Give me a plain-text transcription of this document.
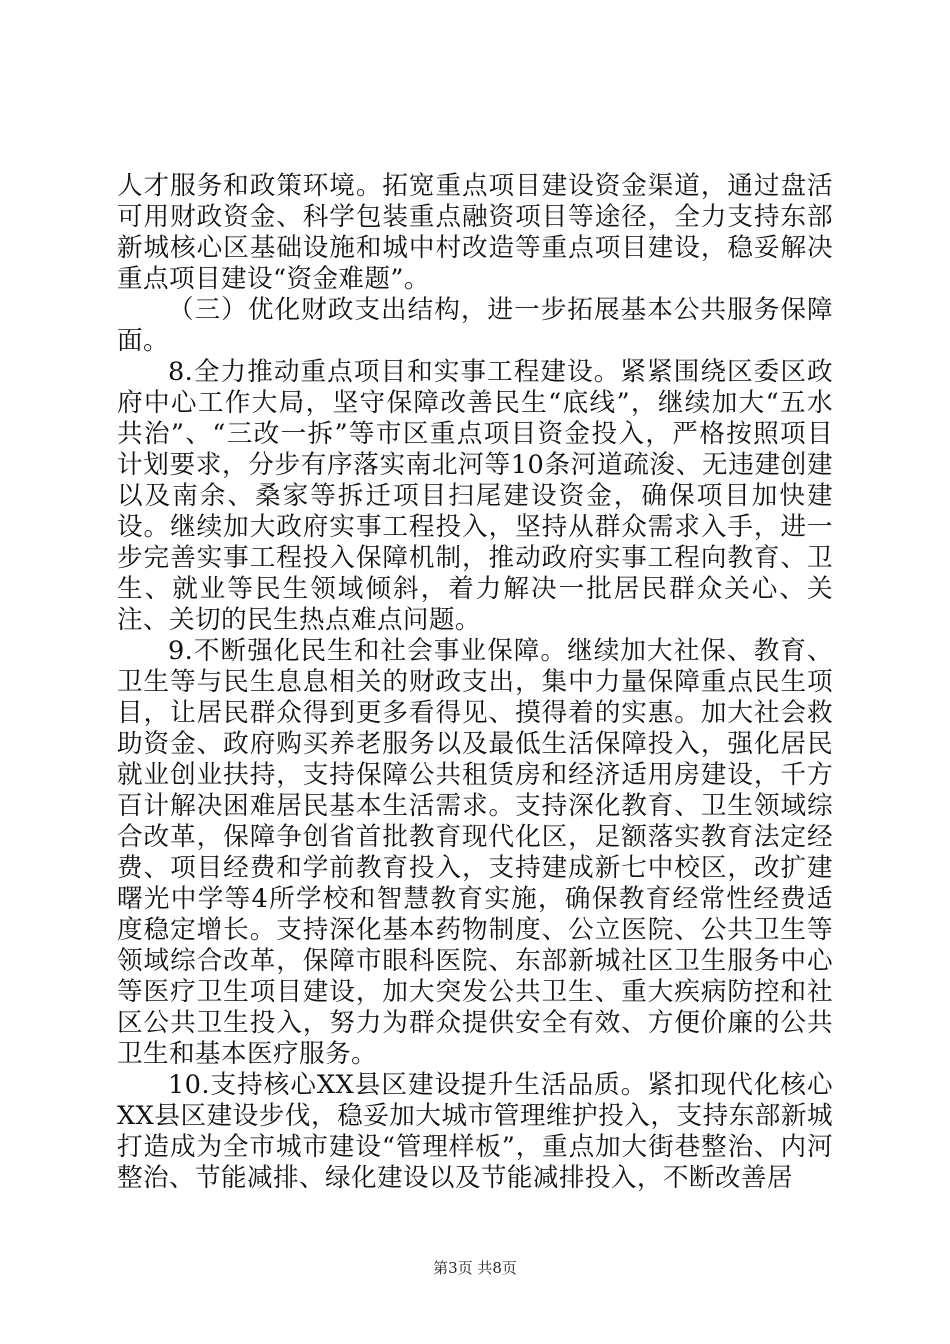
人才服务和政策环境。拓宽重点项目建设资金渠道，通过盘活可用财政资金、科学包装重点融资项目等途径，全力支持东部新城核心区基础设施和城中村改造等重点项目建设，稳妥解决重点项目建设“资金难题”。

（三）优化财政支出结构，进一步拓展基本公共服务保障面。

8.全力推动重点项目和实事工程建设。紧紧围绕区委区政府中心工作大局，坚守保障改善民生“底线”，继续加大“五水共治”、“三改一拆”等市区重点项目资金投入，严格按照项目计划要求，分步有序落实南北河等10条河道疏浚、无违建创建以及南余、桑家等拆迁项目扫尾建设资金，确保项目加快建设。继续加大政府实事工程投入，坚持从群众需求入手，进一步完善实事工程投入保障机制，推动政府实事工程向教育、卫生、就业等民生领域倾斜，着力解决一批居民群众关心、关注、关切的民生热点难点问题。

9.不断强化民生和社会事业保障。继续加大社保、教育、卫生等与民生息息相关的财政支出，集中力量保障重点民生项目，让居民群众得到更多看得见、摸得着的实惠。加大社会救助资金、政府购买养老服务以及最低生活保障投入，强化居民就业创业扶持，支持保障公共租赁房和经济适用房建设，千方百计解决困难居民基本生活需求。支持深化教育、卫生领域综合改革，保障争创省首批教育现代化区，足额落实教育法定经费、项目经费和学前教育投入，支持建成新七中校区，改扩建曙光中学等4所学校和智慧教育实施，确保教育经常性经费适度稳定增长。支持深化基本药物制度、公立医院、公共卫生等领域综合改革，保障市眼科医院、东部新城社区卫生服务中心等医疗卫生项目建设，加大突发公共卫生、重大疾病防控和社区公共卫生投入，努力为群众提供安全有效、方便价廉的公共卫生和基本医疗服务。

10.支持核心XX县区建设提升生活品质。紧扣现代化核心XX县区建设步伐，稳妥加大城市管理维护投入，支持东部新城打造成为全市城市建设“管理样板”，重点加大街巷整治、内河整治、节能减排、绿化建设以及节能减排投入，不断改善居

第3页 共8页
